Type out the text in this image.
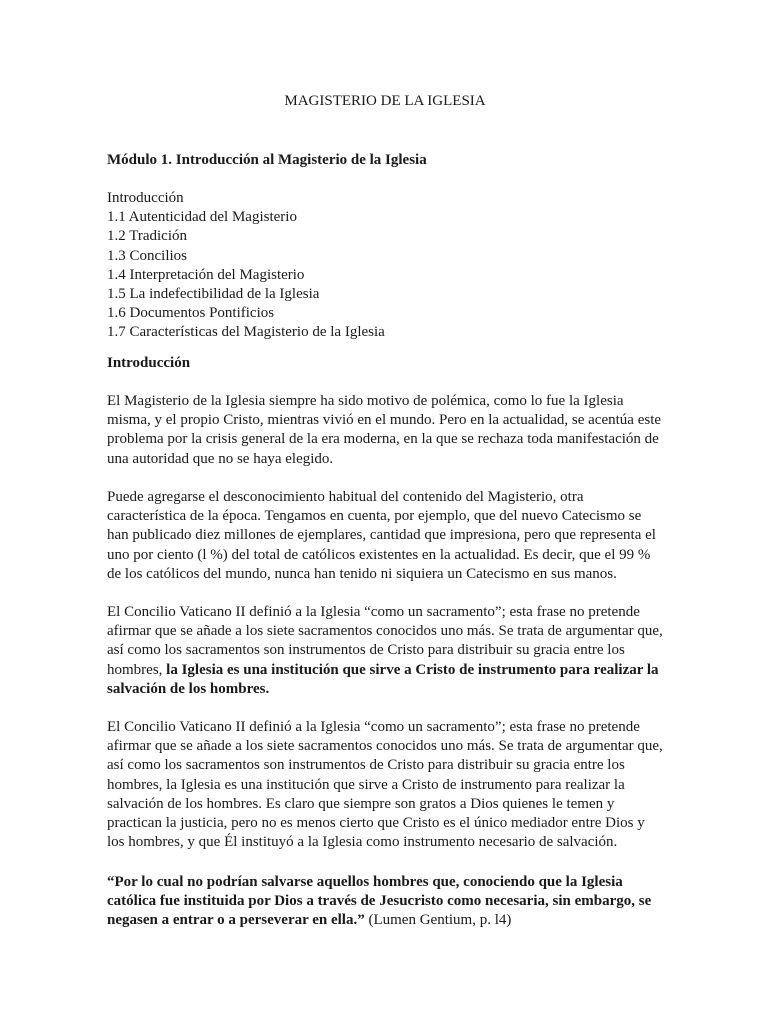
MAGISTERIO DE LA IGLESIA
Módulo 1. Introducción al Magisterio de la Iglesia
Introducción
1.1 Autenticidad del Magisterio
1.2 Tradición
1.3 Concilios
1.4 Interpretación del Magisterio
1.5 La indefectibilidad de la Iglesia
1.6 Documentos Pontificios
1.7 Características del Magisterio de la Iglesia
Introducción

El Magisterio de la Iglesia siempre ha sido motivo de polémica, como lo fue la Iglesia misma, y el propio Cristo, mientras vivió en el mundo. Pero en la actualidad, se acentúa este problema por la crisis general de la era moderna, en la que se rechaza toda manifestación de una autoridad que no se haya elegido.

Puede agregarse el desconocimiento habitual del contenido del Magisterio, otra característica de la época. Tengamos en cuenta, por ejemplo, que del nuevo Catecismo se han publicado diez millones de ejemplares, cantidad que impresiona, pero que representa el uno por ciento (l %) del total de católicos existentes en la actualidad. Es decir, que el 99 % de los católicos del mundo, nunca han tenido ni siquiera un Catecismo en sus manos.

El Concilio Vaticano II definió a la Iglesia “como un sacramento”; esta frase no pretende afirmar que se añade a los siete sacramentos conocidos uno más. Se trata de argumentar que, así como los sacramentos son instrumentos de Cristo para distribuir su gracia entre los hombres, la Iglesia es una institución que sirve a Cristo de instrumento para realizar la salvación de los hombres.

El Concilio Vaticano II definió a la Iglesia “como un sacramento”; esta frase no pretende afirmar que se añade a los siete sacramentos conocidos uno más. Se trata de argumentar que, así como los sacramentos son instrumentos de Cristo para distribuir su gracia entre los hombres, la Iglesia es una institución que sirve a Cristo de instrumento para realizar la salvación de los hombres. Es claro que siempre son gratos a Dios quienes le temen y practican la justicia, pero no es menos cierto que Cristo es el único mediador entre Dios y los hombres, y que Él instituyó a la Iglesia como instrumento necesario de salvación.

“Por lo cual no podrían salvarse aquellos hombres que, conociendo que la Iglesia católica fue instituida por Dios a través de Jesucristo como necesaria, sin embargo, se negasen a entrar o a perseverar en ella.” (Lumen Gentium, p. l4)
